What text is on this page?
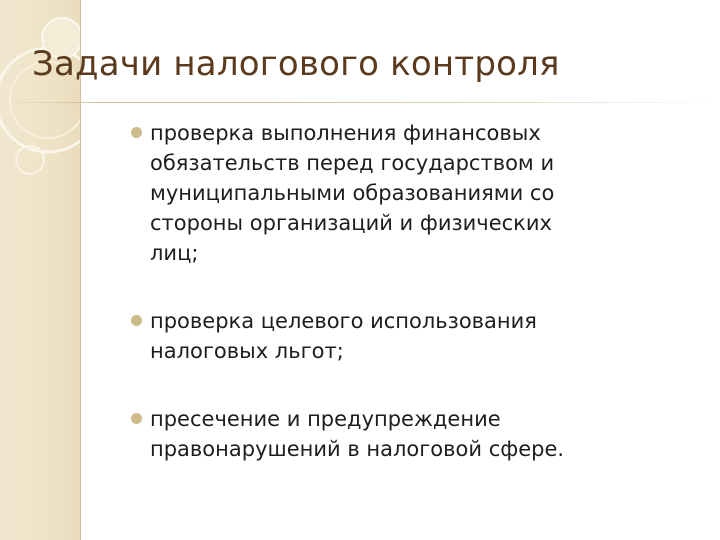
Задачи налогового контроля
проверка выполнения финансовых обязательств перед государством и муниципальными образованиями со стороны организаций и физических лиц;
проверка целевого использования налоговых льгот;
пресечение и предупреждение правонарушений в налоговой сфере.
